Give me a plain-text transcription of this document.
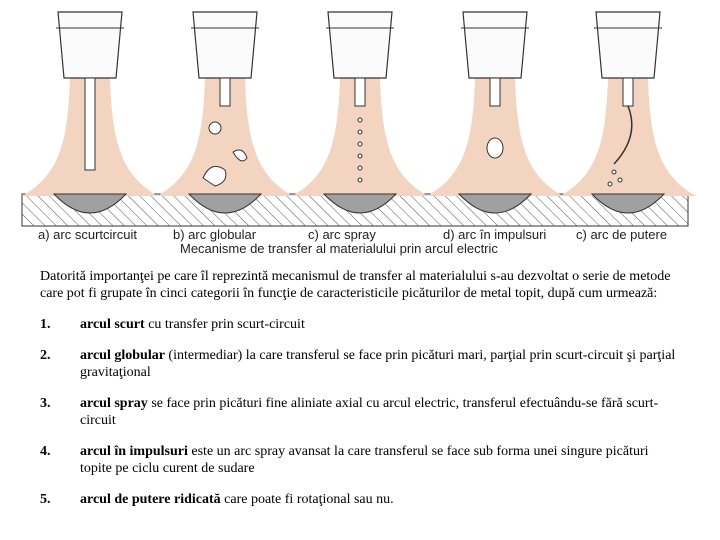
a) arc scurtcircuit	b) arc globular	c) arc spray	d) arc în impulsuri c) arc de putere
Mecanisme de transfer al materialului prin arcul electric

Datorită importanţei pe care îl reprezintă mecanismul de transfer al materialului s-au dezvoltat o serie de metode care pot fi grupate în cinci categorii în funcţie de caracteristicile picăturilor de metal topit, după cum urmează:

1. arcul scurt cu transfer prin scurt-circuit
2. arcul globular (intermediar) la care transferul se face prin picături mari, parţial prin scurt-circuit şi parţial gravitaţional
3. arcul spray se face prin picături fine aliniate axial cu arcul electric, transferul efectuându-se fără scurt-circuit
4. arcul în impulsuri este un arc spray avansat la care transferul se face sub forma unei singure picături topite pe ciclu curent de sudare
5. arcul de putere ridicată care poate fi rotaţional sau nu.
